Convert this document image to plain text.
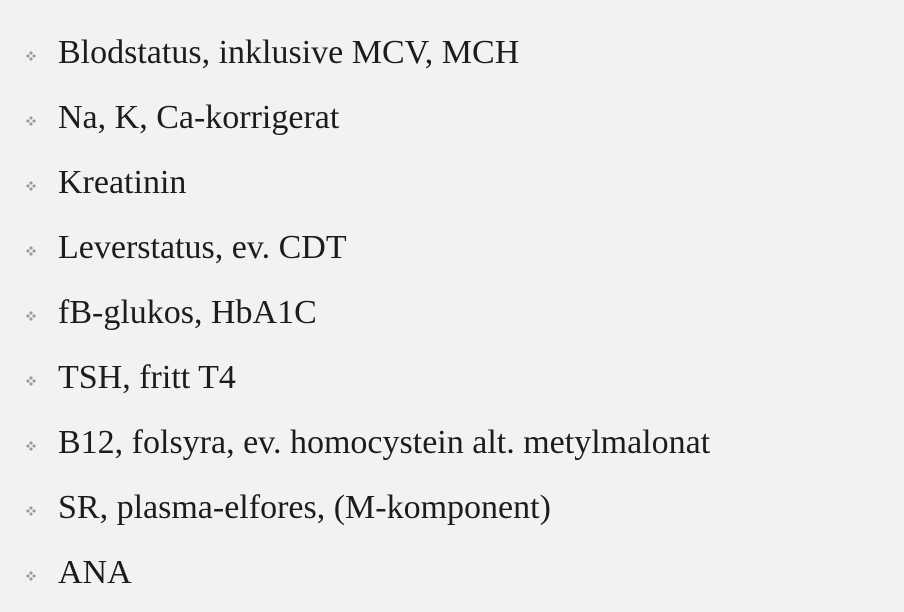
Blodstatus, inklusive MCV, MCH
Na, K, Ca-korrigerat
Kreatinin
Leverstatus, ev. CDT
fB-glukos, HbA1C
TSH, fritt T4
B12, folsyra, ev. homocystein alt. metylmalonat
SR, plasma-elfores, (M-komponent)
ANA
